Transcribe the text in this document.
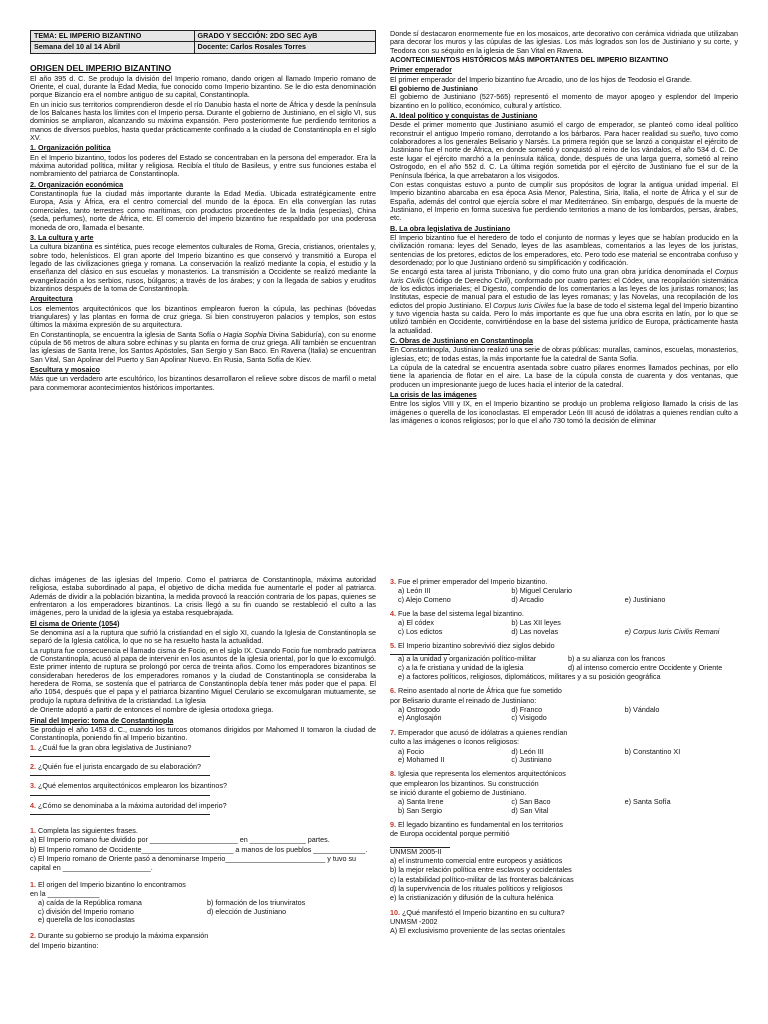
TEMA: EL IMPERIO BIZANTINO	GRADO Y SECCIÓN: 2DO SEC AyB
Semana del 10 al 14 Abril	Docente: Carlos Rosales Torres
ORIGEN DEL IMPERIO BIZANTINO

El año 395 d. C. Se produjo la división del Imperio romano, dando origen al llamado Imperio romano de Oriente, el cual, durante la Edad Media, fue conocido como Imperio bizantino. Se le dio esta denominación porque Bizancio era el nombre antiguo de su capital, Constantinopla.

En un inicio sus territorios comprendieron desde el río Danubio hasta el norte de África y desde la península de los Balcanes hasta los límites con el Imperio persa. Durante el gobierno de Justiniano, en el siglo VI, sus dominios se ampliaron, alcanzando su máxima expansión. Pero posteriormente fue perdiendo territorios a manos de diversos pueblos, hasta quedar prácticamente confinado a la ciudad de Constantinopla en el siglo XV.

1. Organización política

En el Imperio bizantino, todos los poderes del Estado se concentraban en la persona del emperador. Era la máxima autoridad política, militar y religiosa. Recibía el título de Basileus, y entre sus funciones estaba el nombramiento del patriarca de Constantinopla.

2. Organización económica

Constantinopla fue la ciudad más importante durante la Edad Media. Ubicada estratégicamente entre Europa, Asia y África, era el centro comercial del mundo de la época. En ella convergían las rutas comerciales, tanto terrestres como marítimas, con productos procedentes de la India (especias), China (seda, perfumes), norte de África, etc. El comercio del imperio bizantino fue respaldado por una poderosa moneda de oro, llamada el besante.

3. La cultura y arte

La cultura bizantina es sintética, pues recoge elementos culturales de Roma, Grecia, cristianos, orientales y, sobre todo, helenísticos. El gran aporte del Imperio bizantino es que conservó y transmitió a Europa el legado de las civilizaciones griega y romana. La conservación la realizó mediante la copia, el estudio y la enseñanza del clásico en sus escuelas y monasterios. La transmisión a Occidente se realizó mediante la evangelización a los serbios, rusos, búlgaros; a través de los árabes; y con la llegada de sabios y eruditos bizantinos después de la toma de Constantinopla.

Arquitectura

Los elementos arquitectónicos que los bizantinos emplearon fueron la cúpula, las pechinas (bóvedas triangulares) y las plantas en forma de cruz griega. Si bien construyeron palacios y templos, son estos últimos la máxima expresión de su arquitectura.

En Constantinopla, se encuentra la iglesia de Santa Sofía o Hagia Sophia Divina Sabiduría), con su enorme cúpula de 56 metros de altura sobre echinas y su planta en forma de cruz griega. Allí también se encuentran las iglesias de Santa Irene, los Santos Apóstoles, San Sergio y San Baco. En Ravena (Italia) se encuentran San Vital, San Apolinar del Puerto y San Apolinar Nuevo. En Rusia, Santa Sofía de Kiev.

Escultura y mosaico

Más que un verdadero arte escultórico, los bizantinos desarrollaron el relieve sobre discos de marfil o metal para conmemorar acontecimientos históricos importantes.

Donde sí destacaron enormemente fue en los mosaicos, arte decorativo con cerámica vidriada que utilizaban para decorar los muros y las cúpulas de las iglesias. Los más logrados son los de Justiniano y su corte, y Teodora con su séquito en la iglesia de San Vital en Ravena.

ACONTECIMIENTOS HISTÓRICOS MÁS IMPORTANTES DEL IMPERIO BIZANTINO
Primer emperador

El primer emperador del Imperio bizantino fue Arcadio, uno de los hijos de Teodosio el Grande.

El gobierno de Justiniano

El gobierno de Justiniano (527-565) representó el momento de mayor apogeo y esplendor del Imperio bizantino en lo político, económico, cultural y artístico.

A. Ideal político y conquistas de Justiniano

Desde el primer momento que Justiniano asumió el cargo de emperador, se planteó como ideal político reconstruir el antiguo Imperio romano, derrotando a los bárbaros. Para hacer realidad su sueño, tuvo como colaboradores a los generales Belisario y Narsés. La primera región que se lanzó a conquistar el ejército de Justiniano fue el norte de África, en donde sometió y conquistó al reino de los vándalos, el año 534 d. C. De este lugar el ejército marchó a la península itálica, donde, después de una larga guerra, sometió al reino Ostrogodo, en el año 552 d. C. La última región sometida por el ejército de Justiniano fue el sur de la Península Ibérica, la que arrebataron a los visigodos.

Con estas conquistas estuvo a punto de cumplir sus propósitos de lograr la antigua unidad imperial. El Imperio bizantino abarcaba en esa época Asia Menor, Palestina, Siria, Italia, el norte de África y el sur de España, además del control que ejercía sobre el mar Mediterráneo. Sin embargo, después de la muerte de Justiniano, el Imperio en forma sucesiva fue perdiendo territorios a mano de los lombardos, persas, árabes, etc.

B. La obra legislativa de Justiniano

El Imperio bizantino fue el heredero de todo el conjunto de normas y leyes que se habían producido en la civilización romana: leyes del Senado, leyes de las asambleas, comentarios a las leyes de los juristas, sentencias de los pretores, edictos de los emperadores, etc. Pero todo ese material se encontraba confuso y desordenado; por lo que Justiniano ordenó su simplificación y codificación.

Se encargó esta tarea al jurista Triboniano, y dio como fruto una gran obra jurídica denominada el Corpus Iuris Civilis (Código de Derecho Civil), conformado por cuatro partes: el Códex, una recopilación sistemática de los edictos imperiales; el Digesto, compendio de los comentarios a las leyes de los juristas romanos; las Institutas, especie de manual para el estudio de las leyes romanas; y las Novelas, una recopilación de los edictos del propio Justiniano. El Corpus Iuris Civiles fue la base de todo el sistema legal del Imperio bizantino y tuvo vigencia hasta su caída. Pero lo más importante es que fue una obra escrita en latín, por lo que se utilizó también en Occidente, convirtiéndose en la base del sistema jurídico de Europa, prácticamente hasta la actualidad.

C. Obras de Justiniano en Constantinopla

En Constantinopla, Justiniano realizó una serie de obras públicas: murallas, caminos, escuelas, monasterios, iglesias, etc; de todas estas, la más importante fue la catedral de Santa Sofía.

La cúpula de la catedral se encuentra asentada sobre cuatro pilares enormes llamados pechinas, por ello tiene la apariencia de flotar en el aire. La base de la cúpula consta de cuarenta y dos ventanas, que producen un impresionante juego de luces hacia el interior de la catedral.

La crisis de las imágenes

Entre los siglos VIII y IX, en el Imperio bizantino se produjo un problema religioso llamado la crisis de las imágenes o querella de los iconoclastas. El emperador León III acusó de idólatras a quienes rendían culto a las imágenes o iconos religiosos; por lo que el año 730 tomó la decisión de eliminar

dichas imágenes de las iglesias del Imperio. Como el patriarca de Constantinopla, máxima autoridad religiosa, estaba subordinado al papa, el objetivo de dicha medida fue aumentarle el poder al patriarca. Además de dividir a la población bizantina, la medida provocó la reacción contraria de los papas, quienes se enfrentaron a los emperadores bizantinos. La crisis llegó a su fin cuando se restableció el culto a las imágenes, pero la unidad de la iglesia ya estaba resquebrajada.

El cisma de Oriente (1054)

Se denomina así a la ruptura que sufrió la cristiandad en el siglo XI, cuando la Iglesia de Constantinopla se separó de la Iglesia católica, lo que no se ha resuelto hasta la actualidad.

La ruptura fue consecuencia el llamado cisma de Focio, en el siglo IX. Cuando Focio fue nombrado patriarca de Constantinopla, acusó al papa de intervenir en los asuntos de la iglesia oriental, por lo que lo excomulgó. Este primer intento de ruptura se prolongó por cerca de treinta años. Como los emperadores bizantinos se consideraban herederos de los emperadores romanos y la ciudad de Constantinopla se consideraba la heredera de Roma, se sostenía que el patriarca de Constantinopla debía tener más poder que el papa. El año 1054, después que el papa y el patriarca bizantino Miguel Cerulario se excomulgaran mutuamente, se produjo la ruptura definitiva de la cristiandad. La Iglesia

de Oriente adoptó a partir de entonces el nombre de iglesia ortodoxa griega.

Final del Imperio: toma de Constantinopla

Se produjo el año 1453 d. C., cuando los turcos otomanos dirigidos por Mahomed II tomaron la ciudad de Constantinopla, poniendo fin al Imperio bizantino.

1. ¿Cuál fue la gran obra legislativa de Justiniano?
2. ¿Quién fue el jurista encargado de su elaboración?
3. ¿Qué elementos arquitectónicos emplearon los bizantinos?
4. ¿Cómo se denominaba a la máxima autoridad del imperio?
1. Completa las siguientes frases.

a) El Imperio romano fue dividido por ______________________ en ______________ partes.

b) El Imperio romano de Occidente_______________________ a manos de los pueblos _____________.

c) El Imperio romano de Oriente pasó a denominarse Imperio_________________________ y tuvo su

capital en ______________________.

1. El origen del Imperio bizantino lo encontramos

en la _____________

a) caída de la República romana	b) formación de los triunviratos
c) división del Imperio romano	d) elección de Justiniano
e) querella de los iconoclastas
2. Durante su gobierno se produjo la máxima expansión

del Imperio bizantino:

3. Fue el primer emperador del Imperio bizantino.
a) León III	b) Miguel Cerulario
c) Alejo Comeno	d) Arcadio	e) Justiniano
4. Fue la base del sistema legal bizantino.
a) El códex	b) Las XII leyes
c) Los edictos	d) Las novelas	e) Corpus Iuris Civilis Remani
5. El Imperio bizantino sobrevivió diez siglos debido
a) a la unidad y organización político-militar	b) a su alianza con los francos
c) a la fe cristiana y unidad de la iglesia	d) al intenso comercio entre Occidente y Oriente

e) a factores políticos, religiosos, diplomáticos, militares y a su posición geográfica

6. Reino asentado al norte de África que fue sometido

por Belisario durante el reinado de Justiniano:

a) Ostrogodo	d) Franco	b) Vándalo
e) Anglosajón	c) Visigodo
7. Emperador que acusó de idólatras a quienes rendían

culto a las imágenes o íconos religiosos:

a) Focio	d) León III	b) Constantino XI
e) Mohamed II	c) Justiniano
8. Iglesia que representa los elementos arquitectónicos

que emplearon los bizantinos. Su construcción

se inició durante el gobierno de Justiniano.

a) Santa Irene	c) San Baco	e) Santa Sofía
b) San Sergio	d) San Vital
9. El legado bizantino es fundamental en los territorios

de Europa occidental porque permitió

UNMSM 2005-II

a) el instrumento comercial entre europeos y asiáticos

b) la mejor relación política entre esclavos y occidentales

c) la estabilidad político-militar de las fronteras balcánicas

d) la supervivencia de los rituales políticos y religiosos

e) la cristianización y difusión de la cultura helénica

10. ¿Qué manifestó el Imperio bizantino en su cultura?

UNMSM -2002

A) El exclusivismo proveniente de las sectas orientales
